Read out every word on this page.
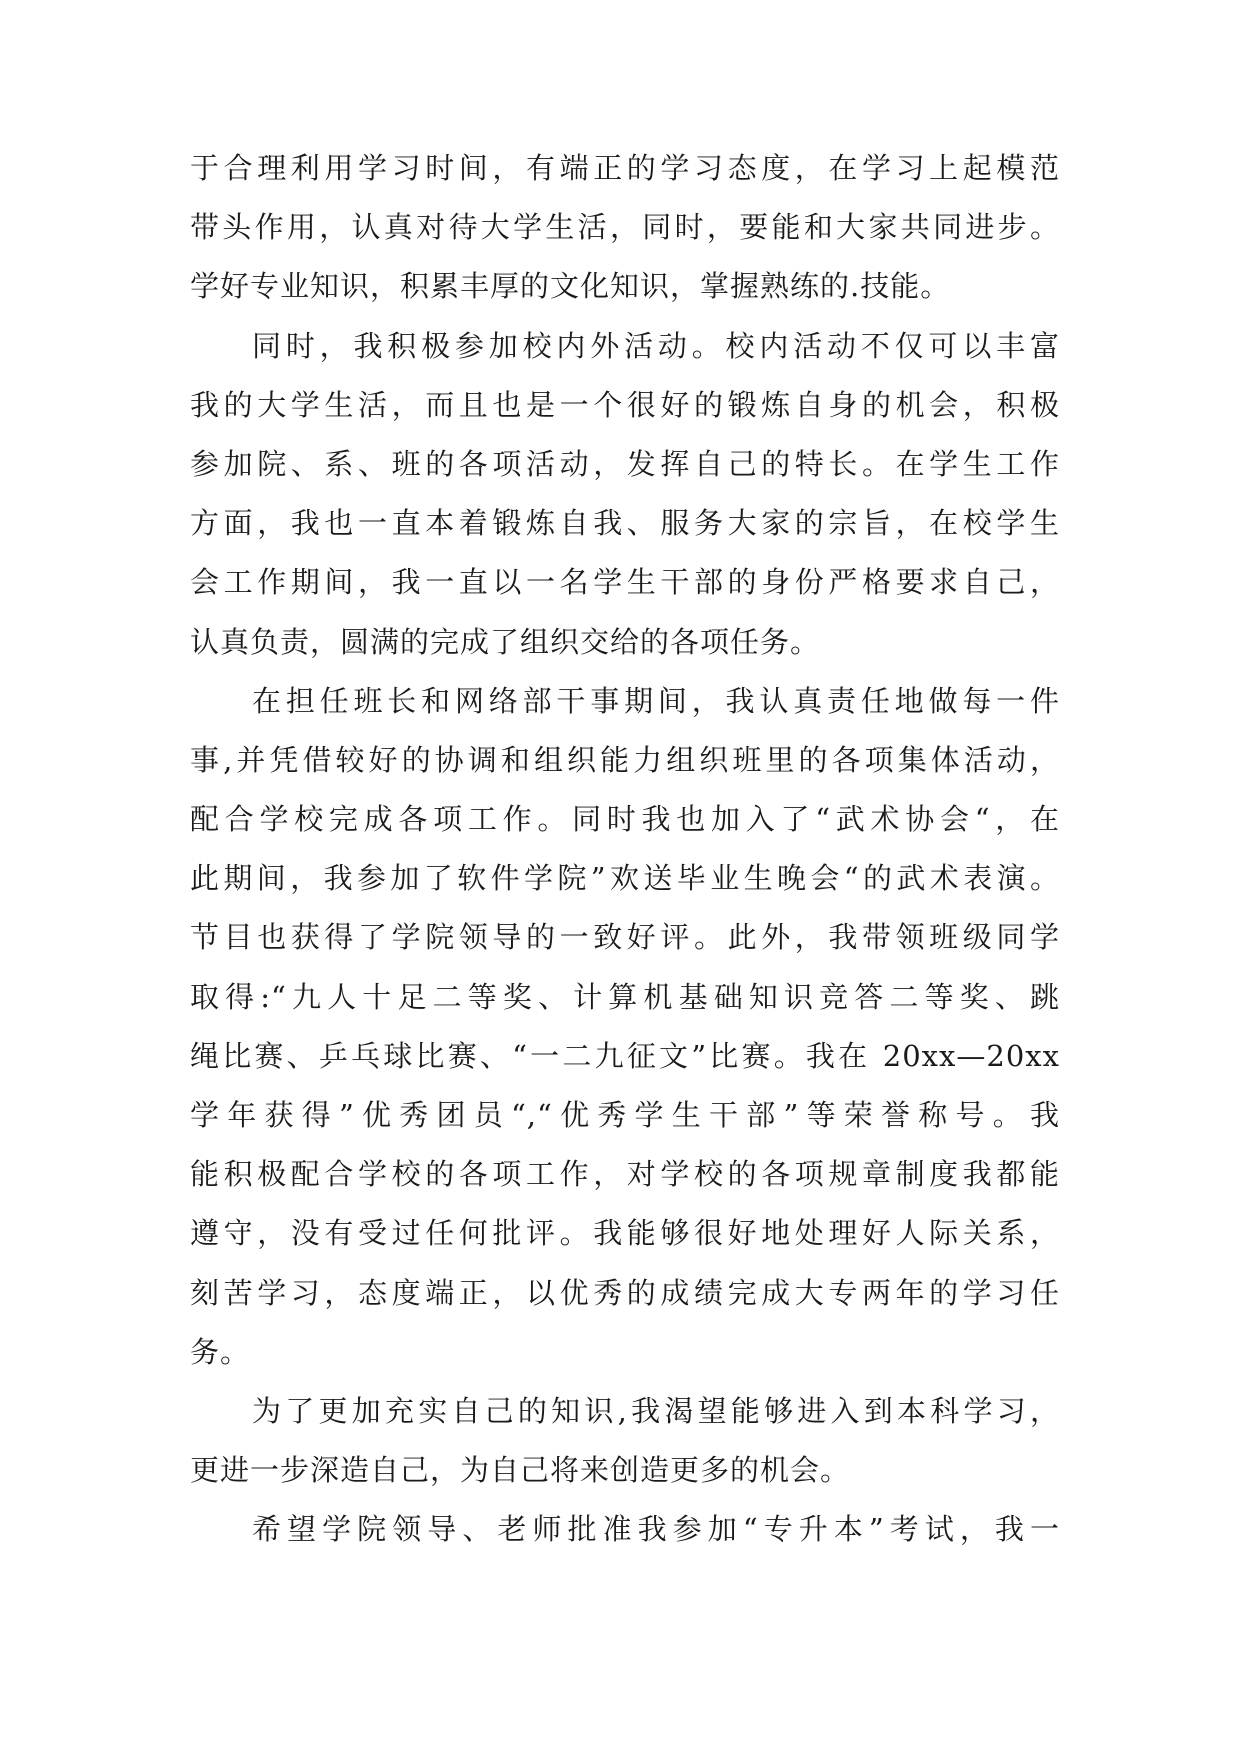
于合理利用学习时间，有端正的学习态度，在学习上起模范
带头作用，认真对待大学生活，同时，要能和大家共同进步。
学好专业知识，积累丰厚的文化知识，掌握熟练的.技能。
同时，我积极参加校内外活动。校内活动不仅可以丰富
我的大学生活，而且也是一个很好的锻炼自身的机会，积极
参加院、系、班的各项活动，发挥自己的特长。在学生工作
方面，我也一直本着锻炼自我、服务大家的宗旨，在校学生
会工作期间，我一直以一名学生干部的身份严格要求自己，
认真负责，圆满的完成了组织交给的各项任务。
在担任班长和网络部干事期间，我认真责任地做每一件
事,并凭借较好的协调和组织能力组织班里的各项集体活动，
配合学校完成各项工作。同时我也加入了“武术协会“，在
此期间，我参加了软件学院”欢送毕业生晚会“的武术表演。
节目也获得了学院领导的一致好评。此外，我带领班级同学
取得:“九人十足二等奖、计算机基础知识竞答二等奖、跳
绳比赛、乒乓球比赛、“一二九征文”比赛。我在 20xx—20xx
学年获得”优秀团员“,“优秀学生干部”等荣誉称号。我
能积极配合学校的各项工作，对学校的各项规章制度我都能
遵守，没有受过任何批评。我能够很好地处理好人际关系，
刻苦学习，态度端正，以优秀的成绩完成大专两年的学习任
务。
为了更加充实自己的知识,我渴望能够进入到本科学习，
更进一步深造自己，为自己将来创造更多的机会。
希望学院领导、老师批准我参加“专升本”考试，我一
